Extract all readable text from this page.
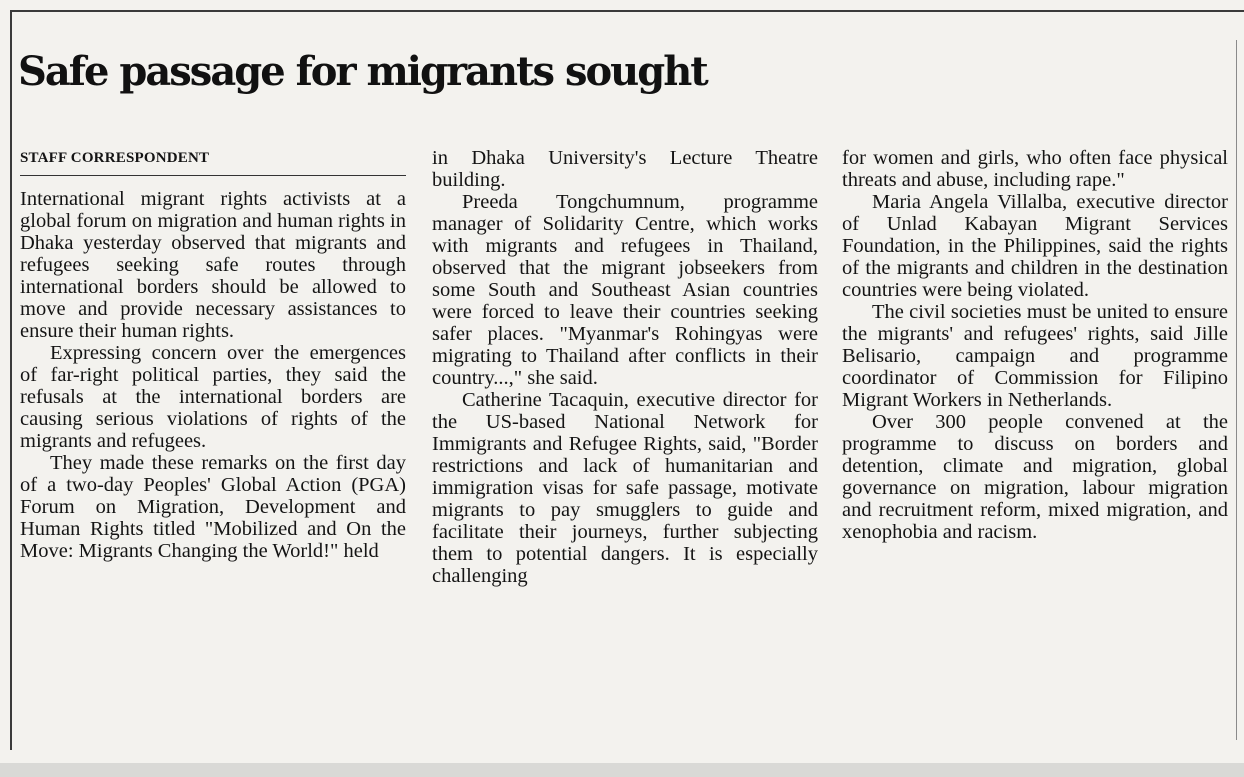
Safe passage for migrants sought
STAFF CORRESPONDENT

International migrant rights activists at a global forum on migration and human rights in Dhaka yesterday observed that migrants and refugees seeking safe routes through international borders should be allowed to move and provide necessary assistances to ensure their human rights.

Expressing concern over the emergences of far-right political parties, they said the refusals at the international borders are causing serious violations of rights of the migrants and refugees.

They made these remarks on the first day of a two-day Peoples' Global Action (PGA) Forum on Migration, Development and Human Rights titled "Mobilized and On the Move: Migrants Changing the World!" held

in Dhaka University's Lecture Theatre building.

Preeda Tongchumnum, programme manager of Solidarity Centre, which works with migrants and refugees in Thailand, observed that the migrant jobseekers from some South and Southeast Asian countries were forced to leave their countries seeking safer places. "Myanmar's Rohingyas were migrating to Thailand after conflicts in their country...," she said.

Catherine Tacaquin, executive director for the US-based National Network for Immigrants and Refugee Rights, said, "Border restrictions and lack of humanitarian and immigration visas for safe passage, motivate migrants to pay smugglers to guide and facilitate their journeys, further subjecting them to potential dangers. It is especially challenging

for women and girls, who often face physical threats and abuse, including rape."

Maria Angela Villalba, executive director of Unlad Kabayan Migrant Services Foundation, in the Philippines, said the rights of the migrants and children in the destination countries were being violated.

The civil societies must be united to ensure the migrants' and refugees' rights, said Jille Belisario, campaign and programme coordinator of Commission for Filipino Migrant Workers in Netherlands.

Over 300 people convened at the programme to discuss on borders and detention, climate and migration, global governance on migration, labour migration and recruitment reform, mixed migration, and xenophobia and racism.
